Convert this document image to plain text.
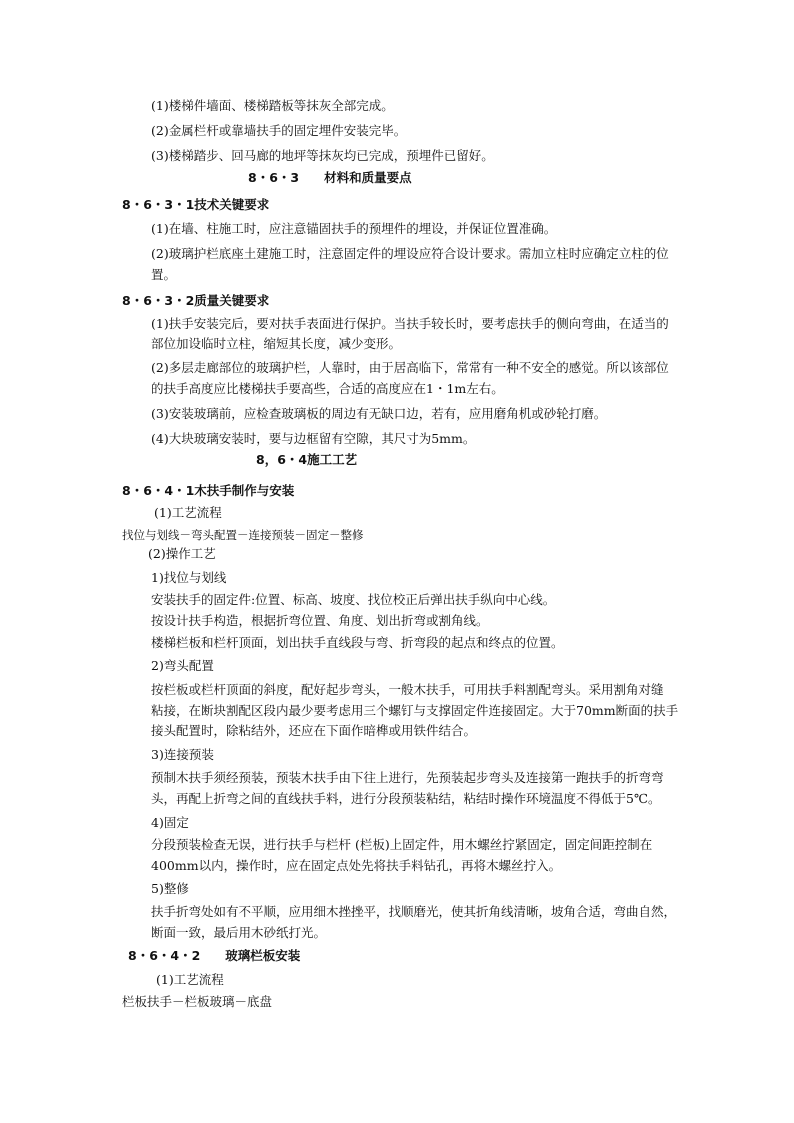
(1)楼梯件墙面、楼梯踏板等抹灰全部完成。
(2)金属栏杆或靠墙扶手的固定埋件安装完毕。
(3)楼梯踏步、回马廊的地坪等抹灰均已完成，预埋件已留好。
8・6・3　　材料和质量要点
8・6・3・1技术关键要求
(1)在墙、柱施工时，应注意锚固扶手的预埋件的埋设，并保证位置准确。
(2)玻璃护栏底座土建施工时，注意固定件的埋设应符合设计要求。需加立柱时应确定立柱的位
置。
8・6・3・2质量关键要求
(1)扶手安装完后，要对扶手表面进行保护。当扶手较长时，要考虑扶手的侧向弯曲，在适当的
部位加设临时立柱，缩短其长度，减少变形。
(2)多层走廊部位的玻璃护栏，人靠时，由于居高临下，常常有一种不安全的感觉。所以该部位
的扶手高度应比楼梯扶手要高些，合适的高度应在1・1m左右。
(3)安装玻璃前，应检查玻璃板的周边有无缺口边，若有，应用磨角机或砂轮打磨。
(4)大块玻璃安装时，要与边框留有空隙，其尺寸为5mm。
8，6・4施工工艺
8・6・4・1木扶手制作与安装
(1)工艺流程
找位与划线－弯头配置－连接预装－固定－整修
(2)操作工艺
1)找位与划线
安装扶手的固定件:位置、标高、坡度、找位校正后弹出扶手纵向中心线。
按设计扶手构造，根据折弯位置、角度、划出折弯或割角线。
楼梯栏板和栏杆顶面，划出扶手直线段与弯、折弯段的起点和终点的位置。
2)弯头配置
按栏板或栏杆顶面的斜度，配好起步弯头，一般木扶手，可用扶手料割配弯头。采用割角对缝
粘接，在断块割配区段内最少要考虑用三个螺钉与支撑固定件连接固定。大于70mm断面的扶手
接头配置时，除粘结外，还应在下面作暗榫或用铁件结合。
3)连接预装
预制木扶手须经预装，预装木扶手由下往上进行，先预装起步弯头及连接第一跑扶手的折弯弯
头，再配上折弯之间的直线扶手料，进行分段预装粘结，粘结时操作环境温度不得低于5℃。
4)固定
分段预装检查无误，进行扶手与栏杆 (栏板)上固定件，用木螺丝拧紧固定，固定间距控制在
400mm以内，操作时，应在固定点处先将扶手料钻孔，再将木螺丝拧入。
5)整修
扶手折弯处如有不平顺，应用细木挫挫平，找顺磨光，使其折角线清晰，坡角合适，弯曲自然，
断面一致，最后用木砂纸打光。
8・6・4・2　　玻璃栏板安装
(1)工艺流程
栏板扶手－栏板玻璃－底盘
